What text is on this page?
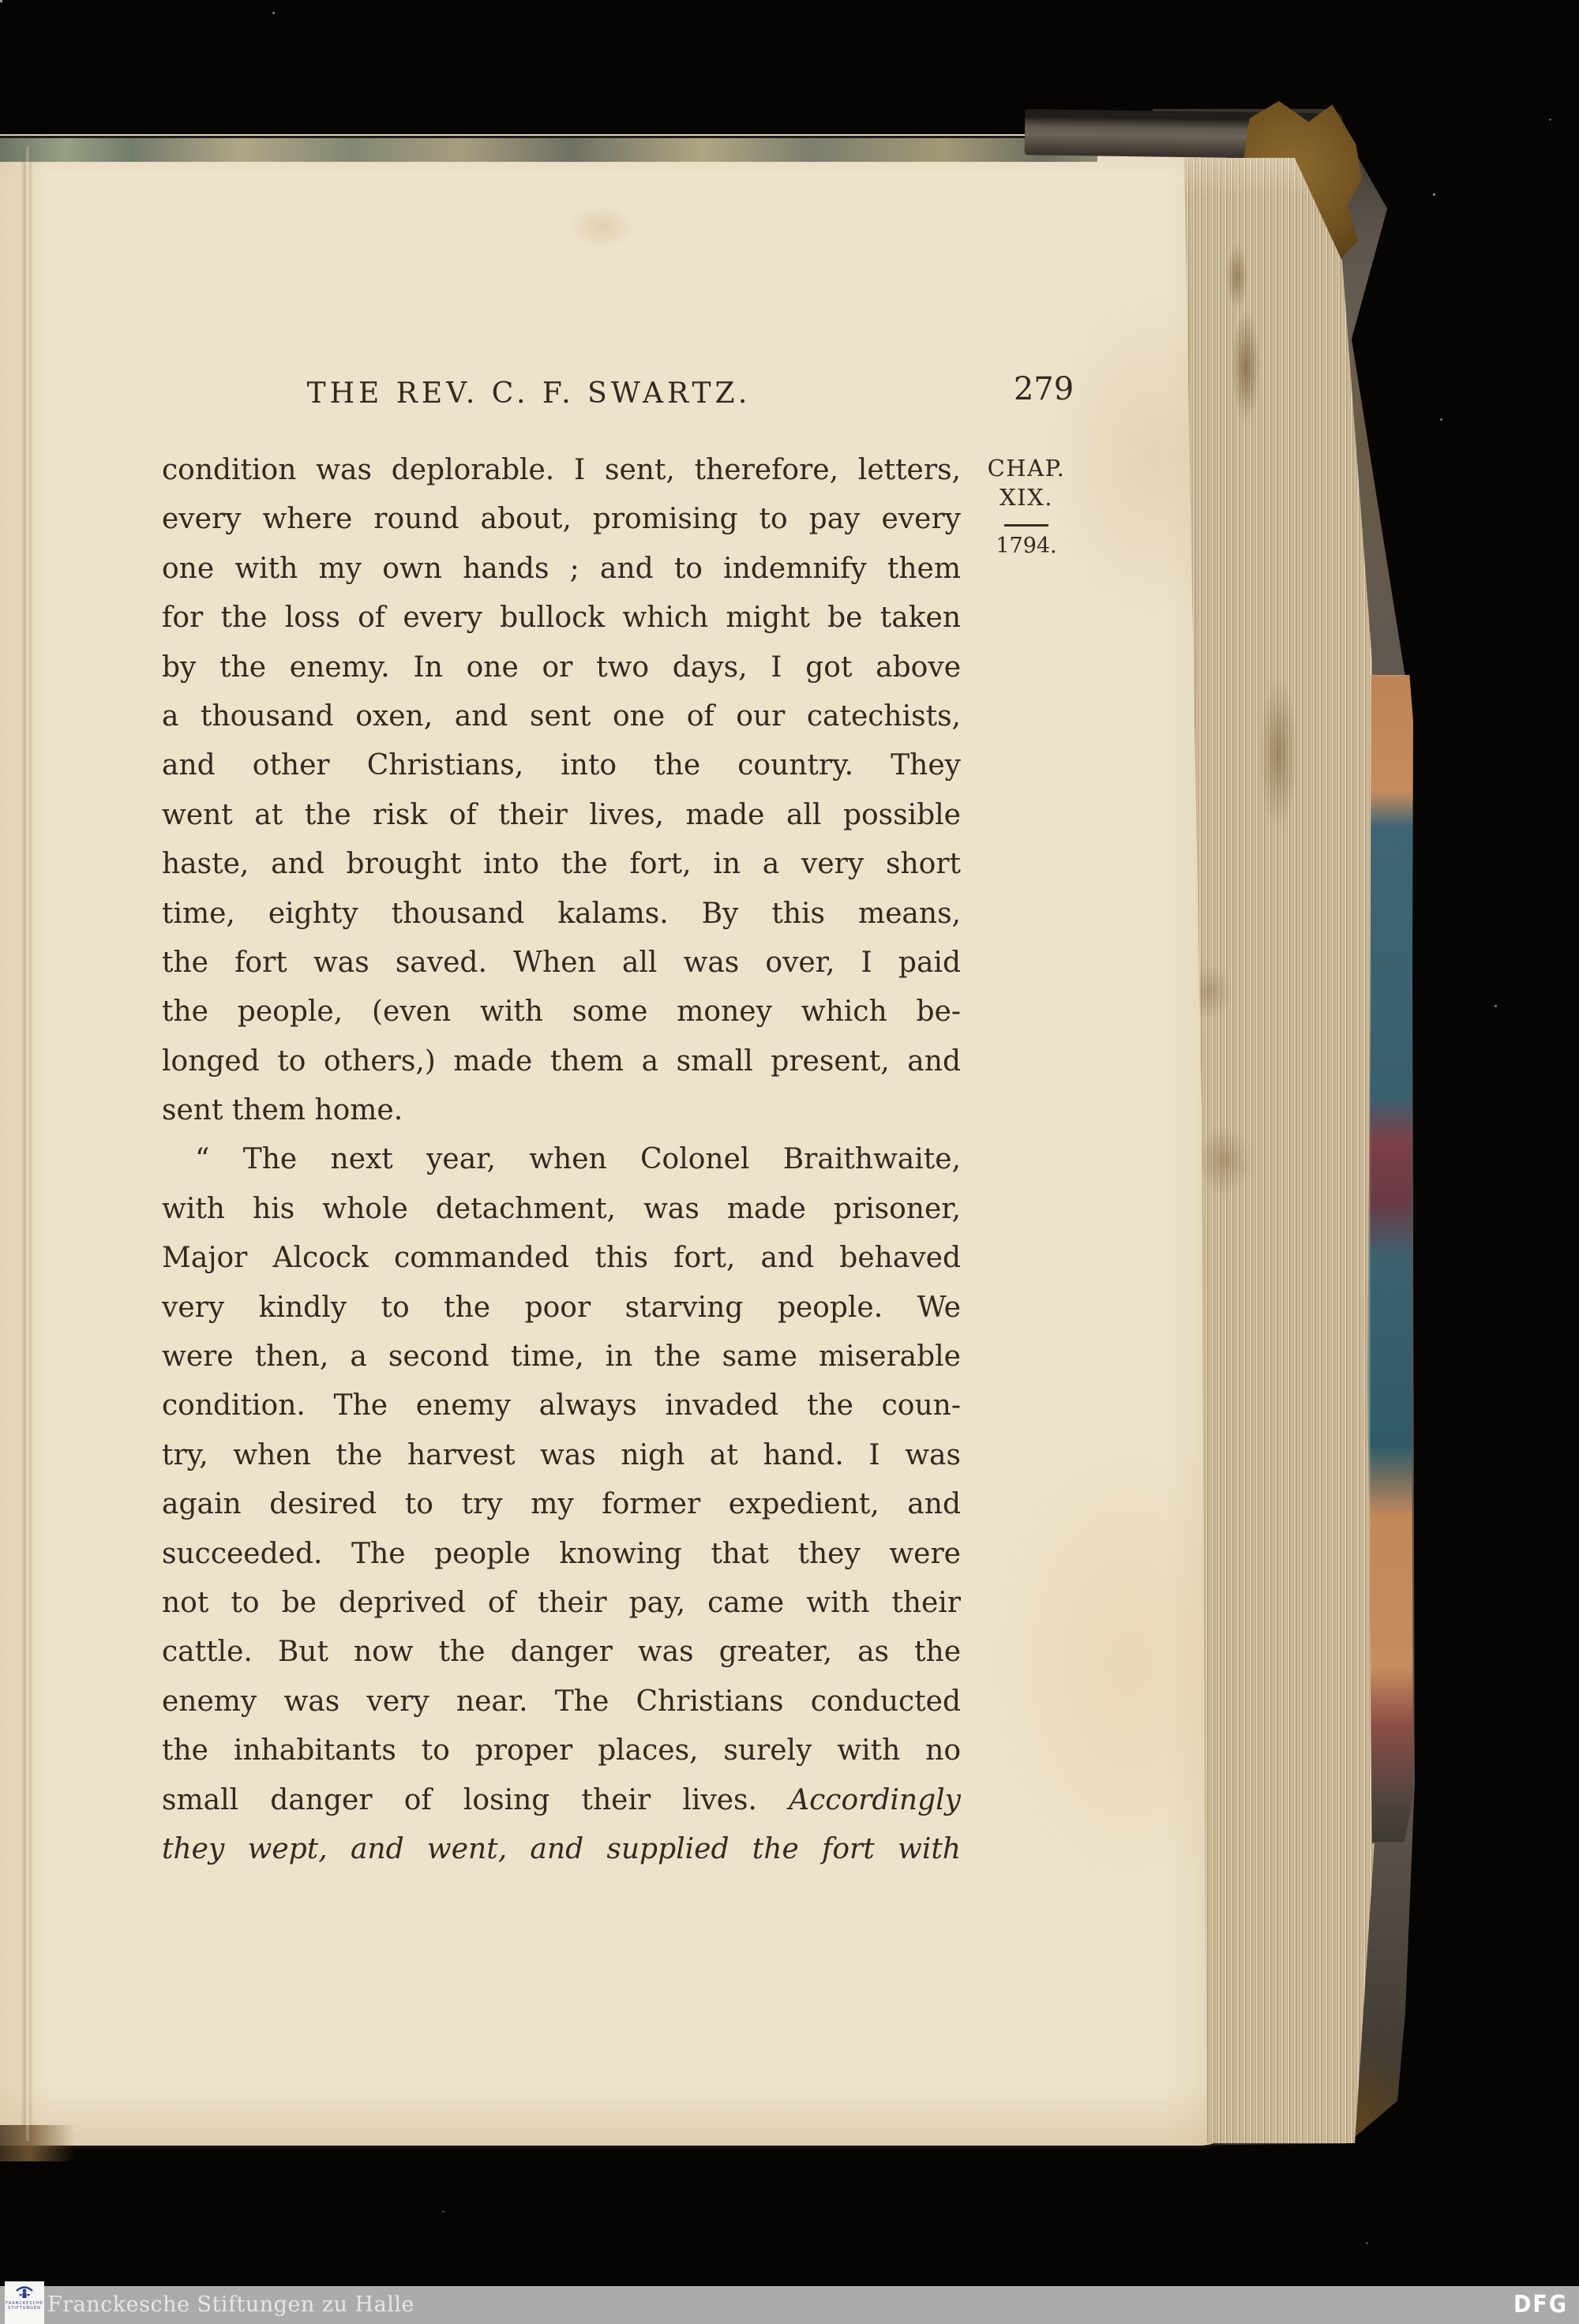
THE REV. C. F. SWARTZ.	279
condition was deplorable. I sent, therefore, letters,
every where round about, promising to pay every
one with my own hands ; and to indemnify them
for the loss of every bullock which might be taken
by the enemy. In one or two days, I got above
a thousand oxen, and sent one of our catechists,
and other Christians, into the country. They
went at the risk of their lives, made all possible
haste, and brought into the fort, in a very short
time, eighty thousand kalams. By this means,
the fort was saved. When all was over, I paid
the people, (even with some money which be-
longed to others,) made them a small present, and
sent them home.
“ The next year, when Colonel Braithwaite,
with his whole detachment, was made prisoner,
Major Alcock commanded this fort, and behaved
very kindly to the poor starving people. We
were then, a second time, in the same miserable
condition. The enemy always invaded the coun-
try, when the harvest was nigh at hand. I was
again desired to try my former expedient, and
succeeded. The people knowing that they were
not to be deprived of their pay, came with their
cattle. But now the danger was greater, as the
enemy was very near. The Christians conducted
the inhabitants to proper places, surely with no
small danger of losing their lives. Accordingly
they wept, and went, and supplied the fort with
CHAP.
XIX.
1794.
FRANCKESCHE
STIFTUNGEN Franckesche Stiftungen zu Halle	DFG
